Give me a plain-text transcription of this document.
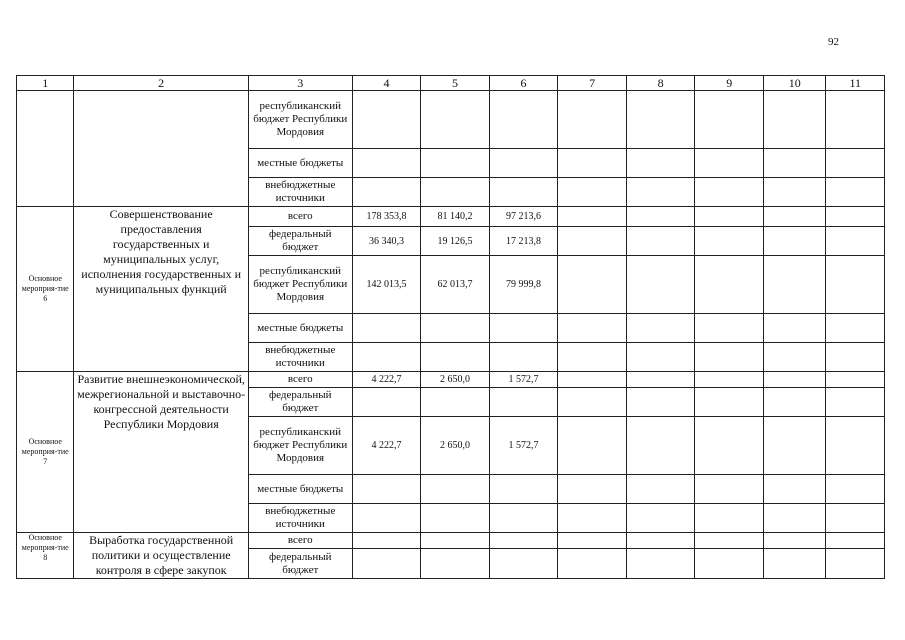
92
1	2	3	4	5	6	7	8	9	10	11
		республиканский бюджет Республики Мордовия								
		местные бюджеты								
		внебюджетные источники								
Основное мероприя-тие 6	Совершенствование предоставления государственных и муниципальных услуг, исполнения государственных и муниципальных функций	всего	178 353,8	81 140,2	97 213,6					
		федеральный бюджет	36 340,3	19 126,5	17 213,8					
		республиканский бюджет Республики Мордовия	142 013,5	62 013,7	79 999,8					
		местные бюджеты								
		внебюджетные источники								
Основное мероприя-тие 7	Развитие внешнеэкономической, межрегиональной и выставочно-конгрессной деятельности Республики Мордовия	всего	4 222,7	2 650,0	1 572,7					
		федеральный бюджет								
		республиканский бюджет Республики Мордовия	4 222,7	2 650,0	1 572,7					
		местные бюджеты								
		внебюджетные источники								
Основное мероприя-тие 8	Выработка государственной политики и осуществление контроля в сфере закупок	всего								
		федеральный бюджет								
